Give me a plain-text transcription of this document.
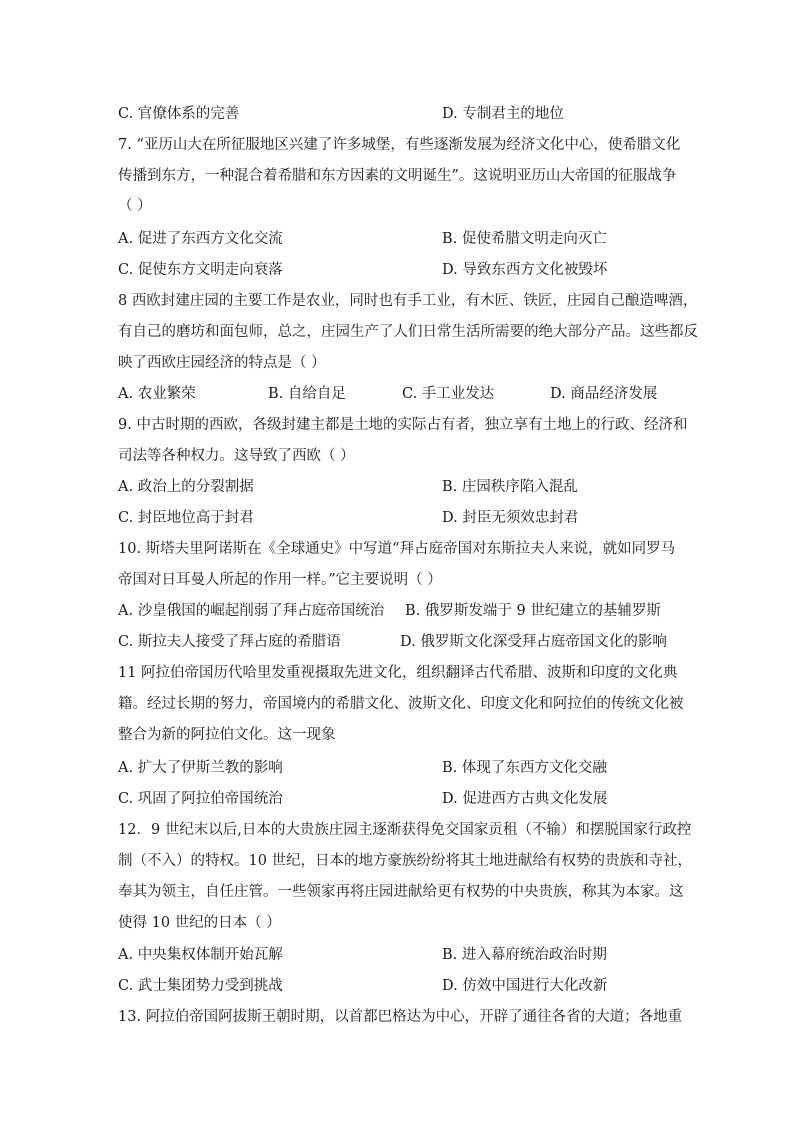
C. 官僚体系的完善	D. 专制君主的地位
7. “亚历山大在所征服地区兴建了许多城堡，有些逐渐发展为经济文化中心，使希腊文化
传播到东方，一种混合着希腊和东方因素的文明诞生”。这说明亚历山大帝国的征服战争
（ ）
A. 促进了东西方文化交流	B. 促使希腊文明走向灭亡
C. 促使东方文明走向衰落	D. 导致东西方文化被毁坏
8 西欧封建庄园的主要工作是农业，同时也有手工业，有木匠、铁匠，庄园自己酿造啤酒，
有自己的磨坊和面包师，总之，庄园生产了人们日常生活所需要的绝大部分产品。这些都反
映了西欧庄园经济的特点是（ ）
A. 农业繁荣	B. 自给自足	C. 手工业发达	D. 商品经济发展
9. 中古时期的西欧，各级封建主都是土地的实际占有者，独立享有土地上的行政、经济和
司法等各种权力。这导致了西欧（ ）
A. 政治上的分裂割据	B. 庄园秩序陷入混乱
C. 封臣地位高于封君	D. 封臣无须效忠封君
10. 斯塔夫里阿诺斯在《全球通史》中写道“拜占庭帝国对东斯拉夫人来说，就如同罗马
帝国对日耳曼人所起的作用一样。”它主要说明（ ）
A. 沙皇俄国的崛起削弱了拜占庭帝国统治 B. 俄罗斯发端于 9 世纪建立的基辅罗斯
C. 斯拉夫人接受了拜占庭的希腊语	D. 俄罗斯文化深受拜占庭帝国文化的影响
11 阿拉伯帝国历代哈里发重视摄取先进文化，组织翻译古代希腊、波斯和印度的文化典
籍。经过长期的努力，帝国境内的希腊文化、波斯文化、印度文化和阿拉伯的传统文化被
整合为新的阿拉伯文化。这一现象
A. 扩大了伊斯兰教的影响	B. 体现了东西方文化交融
C. 巩固了阿拉伯帝国统治	D. 促进西方古典文化发展
12．9 世纪末以后,日本的大贵族庄园主逐渐获得免交国家贡租（不输）和摆脱国家行政控
制（不入）的特权。10 世纪，日本的地方豪族纷纷将其土地进献给有权势的贵族和寺社，
奉其为领主，自任庄管。一些领家再将庄园进献给更有权势的中央贵族，称其为本家。这
使得 10 世纪的日本（ ）
A. 中央集权体制开始瓦解	B. 进入幕府统治政治时期
C. 武士集团势力受到挑战	D. 仿效中国进行大化改新
13. 阿拉伯帝国阿拔斯王朝时期，以首都巴格达为中心，开辟了通往各省的大道；各地重
